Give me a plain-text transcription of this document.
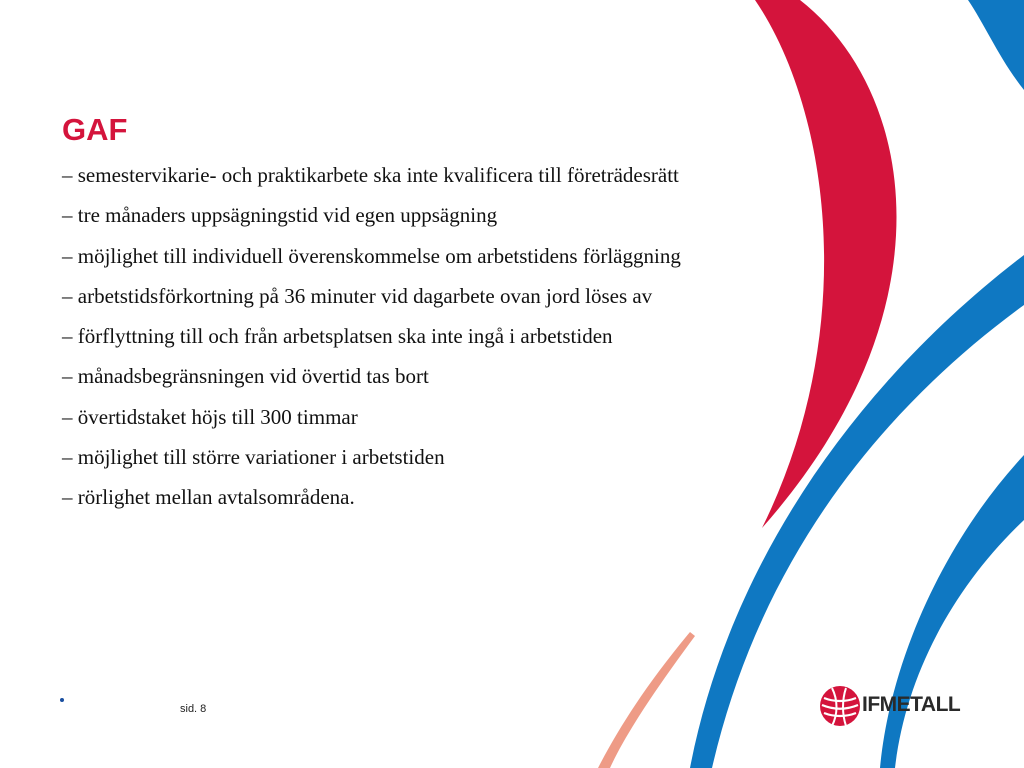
GAF
– semestervikarie- och praktikarbete ska inte kvalificera till företrädesrätt
– tre månaders uppsägningstid vid egen uppsägning
– möjlighet till individuell överenskommelse om arbetstidens förläggning
– arbetstidsförkortning på 36 minuter vid dagarbete ovan jord löses av
– förflyttning till och från arbetsplatsen ska inte ingå i arbetstiden
– månadsbegränsningen vid övertid tas bort
– övertidstaket höjs till 300 timmar
– möjlighet till större variationer i arbetstiden
– rörlighet mellan avtalsområdena.
sid. 8	IFMETALL
